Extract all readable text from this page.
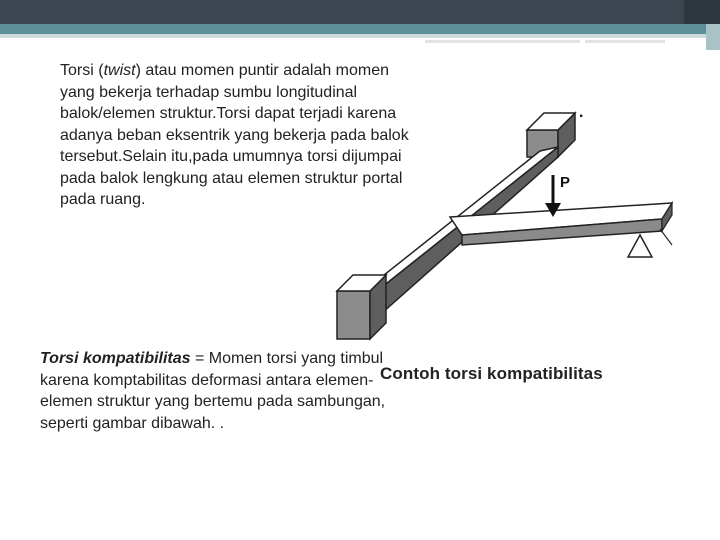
Torsi (twist) atau momen puntir adalah momen yang bekerja terhadap sumbu longitudinal balok/elemen struktur.Torsi dapat terjadi karena adanya beban eksentrik yang bekerja pada balok tersebut.Selain itu,pada umumnya torsi dijumpai pada balok lengkung atau elemen struktur portal pada ruang.

P
.
Contoh torsi kompatibilitas

Torsi kompatibilitas = Momen torsi yang timbul karena komptabilitas deformasi antara elemen-elemen struktur yang bertemu pada sambungan, seperti gambar dibawah. .
